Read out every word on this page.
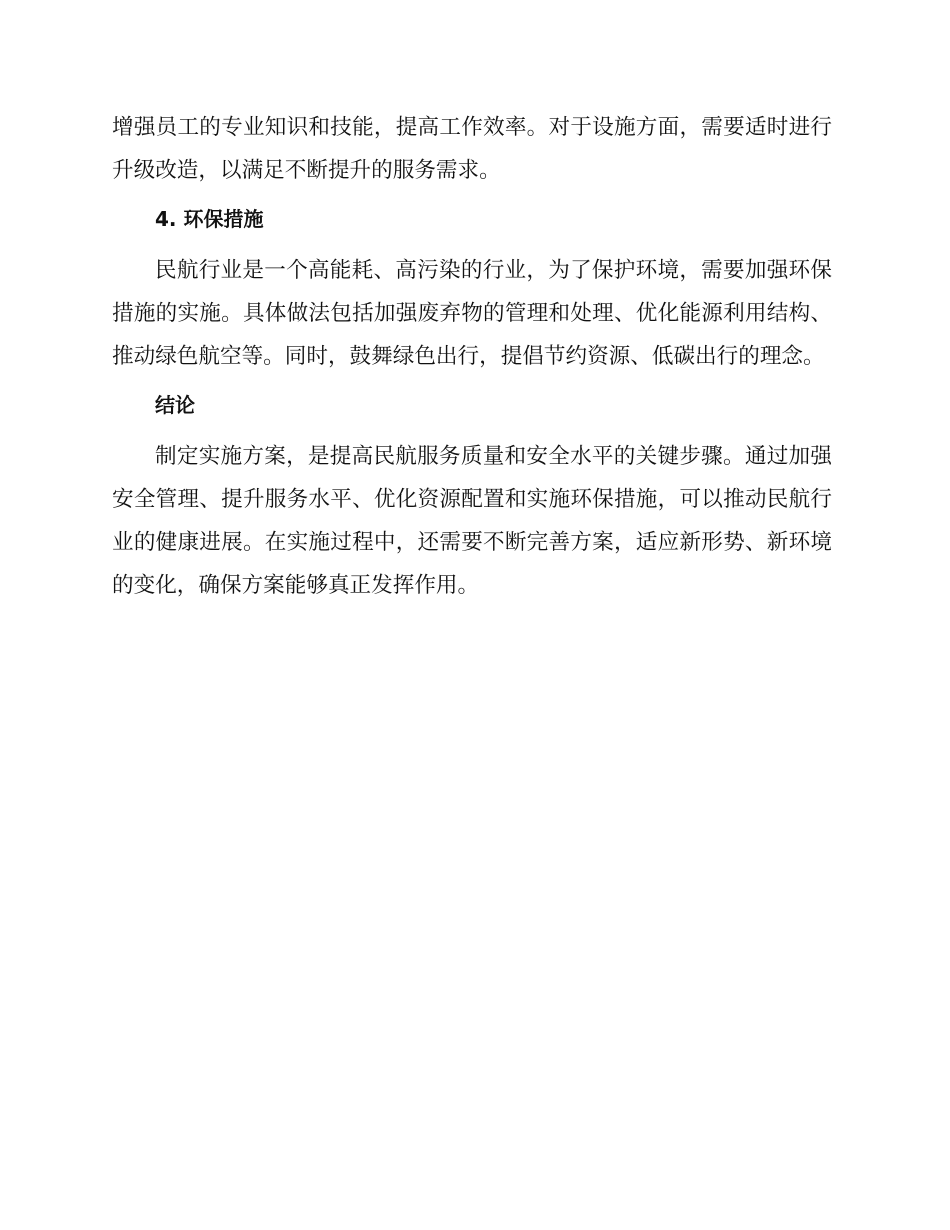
增强员工的专业知识和技能，提高工作效率。对于设施方面，需要适时进行升级改造，以满足不断提升的服务需求。

4. 环保措施

民航行业是一个高能耗、高污染的行业，为了保护环境，需要加强环保措施的实施。具体做法包括加强废弃物的管理和处理、优化能源利用结构、推动绿色航空等。同时，鼓舞绿色出行，提倡节约资源、低碳出行的理念。

结论

制定实施方案，是提高民航服务质量和安全水平的关键步骤。通过加强安全管理、提升服务水平、优化资源配置和实施环保措施，可以推动民航行业的健康进展。在实施过程中，还需要不断完善方案，适应新形势、新环境的变化，确保方案能够真正发挥作用。
